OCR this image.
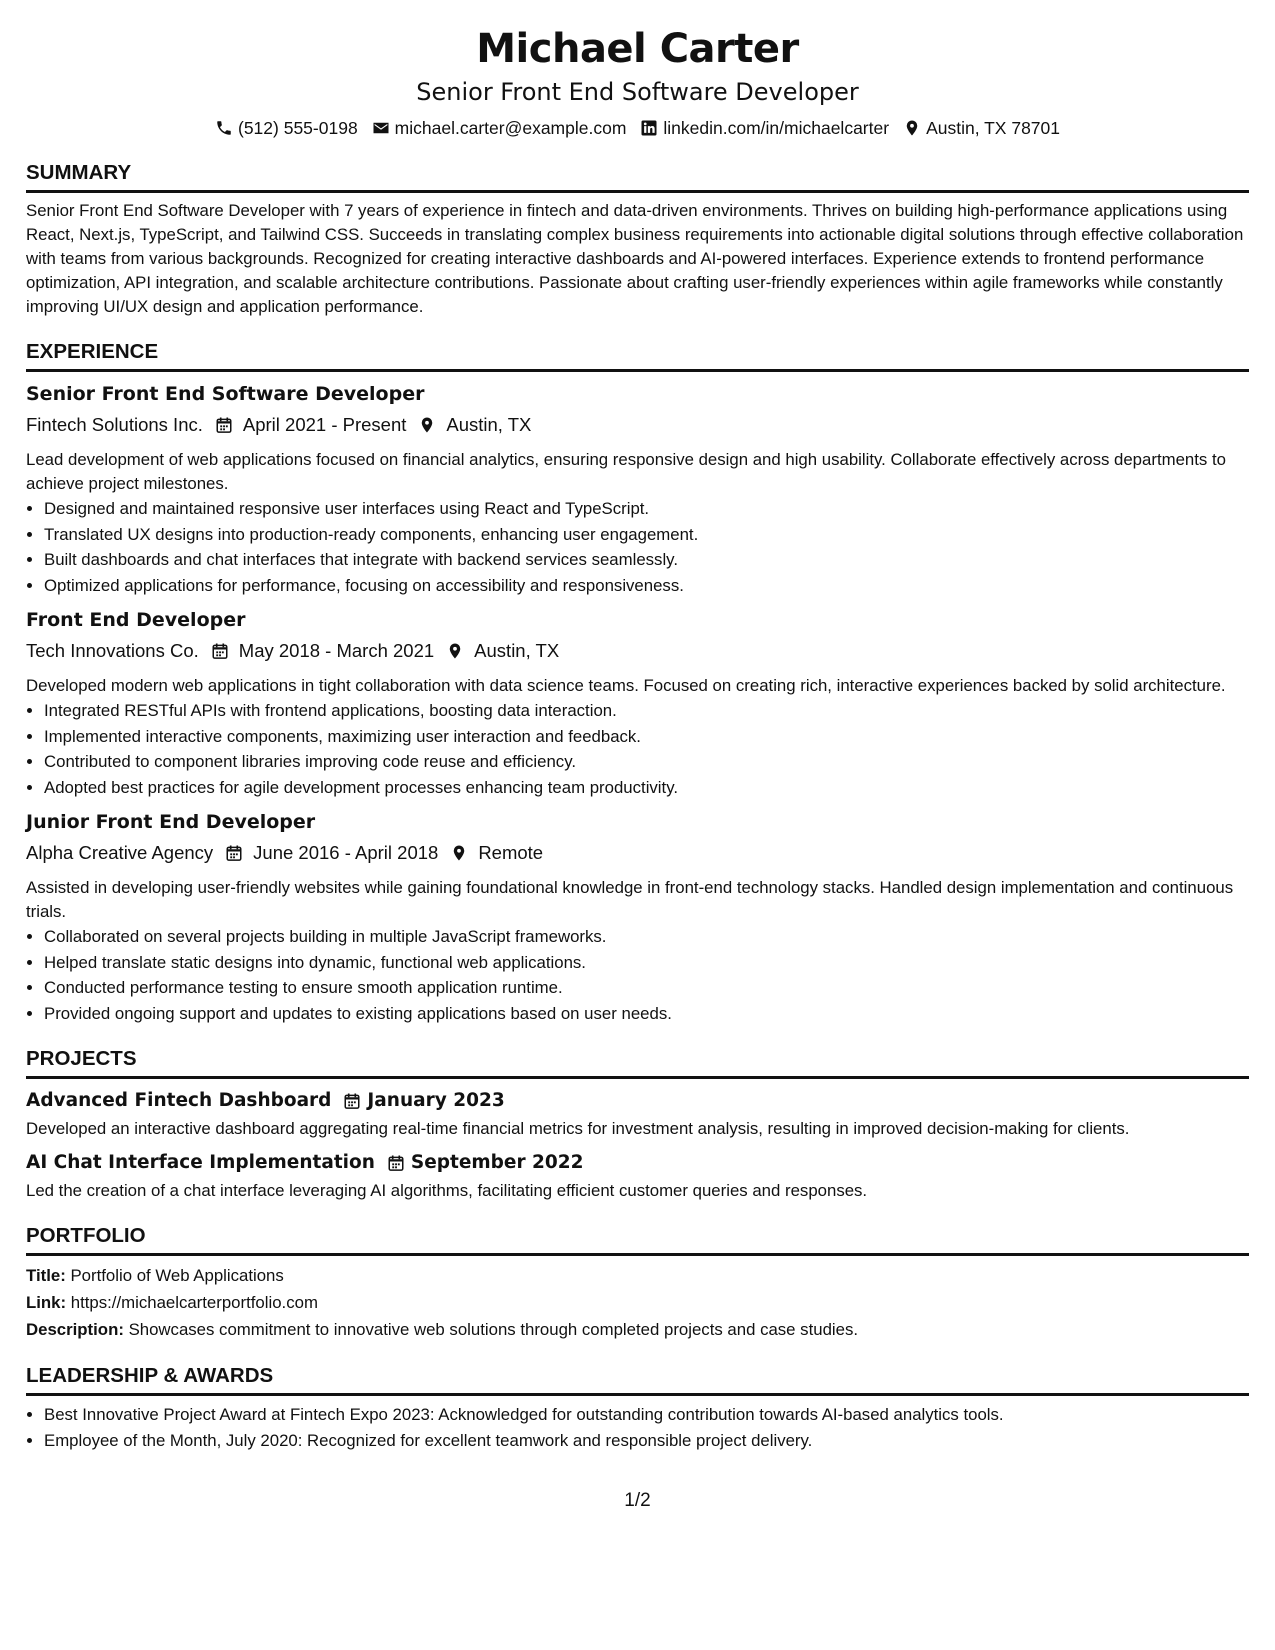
Michael Carter
Senior Front End Software Developer
(512) 555-0198 michael.carter@example.com linkedin.com/in/michaelcarter Austin, TX 78701
SUMMARY

Senior Front End Software Developer with 7 years of experience in fintech and data-driven environments. Thrives on building high-performance applications using React, Next.js, TypeScript, and Tailwind CSS. Succeeds in translating complex business requirements into actionable digital solutions through effective collaboration with teams from various backgrounds. Recognized for creating interactive dashboards and AI-powered interfaces. Experience extends to frontend performance optimization, API integration, and scalable architecture contributions. Passionate about crafting user-friendly experiences within agile frameworks while constantly improving UI/UX design and application performance.

EXPERIENCE
Senior Front End Software Developer
Fintech Solutions Inc. April 2021 - Present Austin, TX

Lead development of web applications focused on financial analytics, ensuring responsive design and high usability. Collaborate effectively across departments to achieve project milestones.

• Designed and maintained responsive user interfaces using React and TypeScript.
• Translated UX designs into production-ready components, enhancing user engagement.
• Built dashboards and chat interfaces that integrate with backend services seamlessly.
• Optimized applications for performance, focusing on accessibility and responsiveness.
Front End Developer
Tech Innovations Co. May 2018 - March 2021 Austin, TX

Developed modern web applications in tight collaboration with data science teams. Focused on creating rich, interactive experiences backed by solid architecture.

• Integrated RESTful APIs with frontend applications, boosting data interaction.
• Implemented interactive components, maximizing user interaction and feedback.
• Contributed to component libraries improving code reuse and efficiency.
• Adopted best practices for agile development processes enhancing team productivity.
Junior Front End Developer
Alpha Creative Agency June 2016 - April 2018 Remote

Assisted in developing user-friendly websites while gaining foundational knowledge in front-end technology stacks. Handled design implementation and continuous trials.

• Collaborated on several projects building in multiple JavaScript frameworks.
• Helped translate static designs into dynamic, functional web applications.
• Conducted performance testing to ensure smooth application runtime.
• Provided ongoing support and updates to existing applications based on user needs.
PROJECTS
Advanced Fintech Dashboard January 2023

Developed an interactive dashboard aggregating real-time financial metrics for investment analysis, resulting in improved decision-making for clients.

AI Chat Interface Implementation September 2022

Led the creation of a chat interface leveraging AI algorithms, facilitating efficient customer queries and responses.

PORTFOLIO
Title: Portfolio of Web Applications
Link: https://michaelcarterportfolio.com
Description: Showcases commitment to innovative web solutions through completed projects and case studies.
LEADERSHIP & AWARDS
• Best Innovative Project Award at Fintech Expo 2023: Acknowledged for outstanding contribution towards AI-based analytics tools.
• Employee of the Month, July 2020: Recognized for excellent teamwork and responsible project delivery.
1/2
